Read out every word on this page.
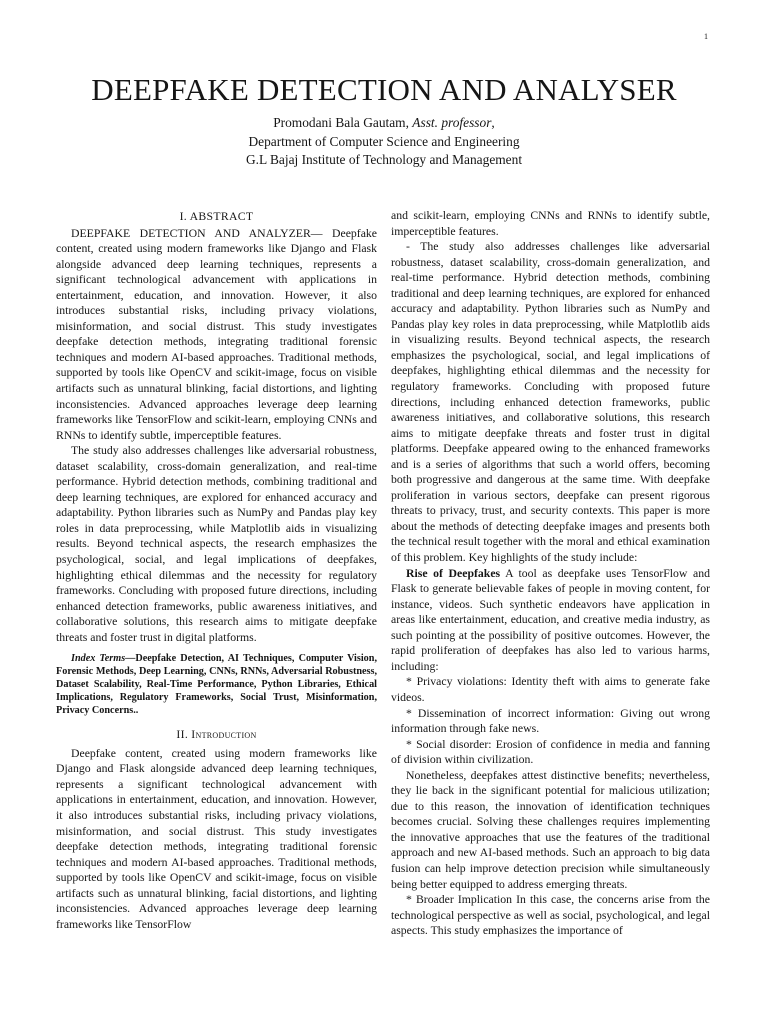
1
DEEPFAKE DETECTION AND ANALYSER
Promodani Bala Gautam, Asst. professor,
Department of Computer Science and Engineering
G.L Bajaj Institute of Technology and Management
I. ABSTRACT

DEEPFAKE DETECTION AND ANALYZER— Deepfake content, created using modern frameworks like Django and Flask alongside advanced deep learning techniques, represents a significant technological advancement with applications in entertainment, education, and innovation. However, it also introduces substantial risks, including privacy violations, misinformation, and social distrust. This study investigates deepfake detection methods, integrating traditional forensic techniques and modern AI-based approaches. Traditional methods, supported by tools like OpenCV and scikit-image, focus on visible artifacts such as unnatural blinking, facial distortions, and lighting inconsistencies. Advanced approaches leverage deep learning frameworks like TensorFlow and scikit-learn, employing CNNs and RNNs to identify subtle, imperceptible features.

The study also addresses challenges like adversarial robustness, dataset scalability, cross-domain generalization, and real-time performance. Hybrid detection methods, combining traditional and deep learning techniques, are explored for enhanced accuracy and adaptability. Python libraries such as NumPy and Pandas play key roles in data preprocessing, while Matplotlib aids in visualizing results. Beyond technical aspects, the research emphasizes the psychological, social, and legal implications of deepfakes, highlighting ethical dilemmas and the necessity for regulatory frameworks. Concluding with proposed future directions, including enhanced detection frameworks, public awareness initiatives, and collaborative solutions, this research aims to mitigate deepfake threats and foster trust in digital platforms.

Index Terms—Deepfake Detection, AI Techniques, Computer Vision, Forensic Methods, Deep Learning, CNNs, RNNs, Adversarial Robustness, Dataset Scalability, Real-Time Performance, Python Libraries, Ethical Implications, Regulatory Frameworks, Social Trust, Misinformation, Privacy Concerns..
II. Introduction

Deepfake content, created using modern frameworks like Django and Flask alongside advanced deep learning techniques, represents a significant technological advancement with applications in entertainment, education, and innovation. However, it also introduces substantial risks, including privacy violations, misinformation, and social distrust. This study investigates deepfake detection methods, integrating traditional forensic techniques and modern AI-based approaches. Traditional methods, supported by tools like OpenCV and scikit-image, focus on visible artifacts such as unnatural blinking, facial distortions, and lighting inconsistencies. Advanced approaches leverage deep learning frameworks like TensorFlow

and scikit-learn, employing CNNs and RNNs to identify subtle, imperceptible features.

- The study also addresses challenges like adversarial robustness, dataset scalability, cross-domain generalization, and real-time performance. Hybrid detection methods, combining traditional and deep learning techniques, are explored for enhanced accuracy and adaptability. Python libraries such as NumPy and Pandas play key roles in data preprocessing, while Matplotlib aids in visualizing results. Beyond technical aspects, the research emphasizes the psychological, social, and legal implications of deepfakes, highlighting ethical dilemmas and the necessity for regulatory frameworks. Concluding with proposed future directions, including enhanced detection frameworks, public awareness initiatives, and collaborative solutions, this research aims to mitigate deepfake threats and foster trust in digital platforms. Deepfake appeared owing to the enhanced frameworks and is a series of algorithms that such a world offers, becoming both progressive and dangerous at the same time. With deepfake proliferation in various sectors, deepfake can present rigorous threats to privacy, trust, and security contexts. This paper is more about the methods of detecting deepfake images and presents both the technical result together with the moral and ethical examination of this problem. Key highlights of the study include:

Rise of Deepfakes A tool as deepfake uses TensorFlow and Flask to generate believable fakes of people in moving content, for instance, videos. Such synthetic endeavors have application in areas like entertainment, education, and creative media industry, as such pointing at the possibility of positive outcomes. However, the rapid proliferation of deepfakes has also led to various harms, including:

* Privacy violations: Identity theft with aims to generate fake videos.

* Dissemination of incorrect information: Giving out wrong information through fake news.

* Social disorder: Erosion of confidence in media and fanning of division within civilization.

Nonetheless, deepfakes attest distinctive benefits; nevertheless, they lie back in the significant potential for malicious utilization; due to this reason, the innovation of identification techniques becomes crucial. Solving these challenges requires implementing the innovative approaches that use the features of the traditional approach and new AI-based methods. Such an approach to big data fusion can help improve detection precision while simultaneously being better equipped to address emerging threats.

* Broader Implication In this case, the concerns arise from the technological perspective as well as social, psychological, and legal aspects. This study emphasizes the importance of
